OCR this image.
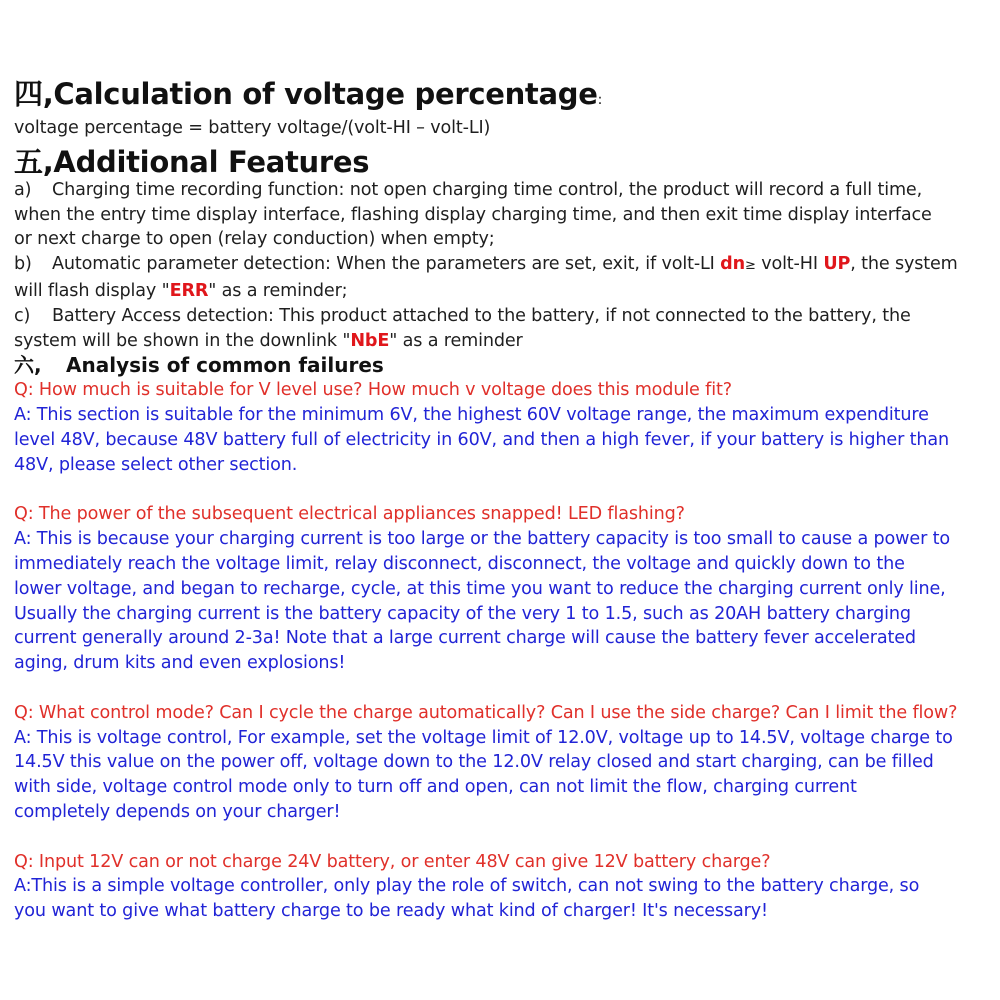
四,Calculation of voltage percentage:
voltage percentage = battery voltage/(volt-HI – volt-LI)
五,Additional Features
a) Charging time recording function: not open charging time control, the product will record a full time,
when the entry time display interface, flashing display charging time, and then exit time display interface
or next charge to open (relay conduction) when empty;
b) Automatic parameter detection: When the parameters are set, exit, if volt-LI dn≥ volt-HI UP, the system
will flash display "ERR" as a reminder;
c) Battery Access detection: This product attached to the battery, if not connected to the battery, the
system will be shown in the downlink "NbE" as a reminder
六, Analysis of common failures
Q: How much is suitable for V level use? How much v voltage does this module fit?
A: This section is suitable for the minimum 6V, the highest 60V voltage range, the maximum expenditure
level 48V, because 48V battery full of electricity in 60V, and then a high fever, if your battery is higher than
48V, please select other section.
Q: The power of the subsequent electrical appliances snapped! LED flashing?
A: This is because your charging current is too large or the battery capacity is too small to cause a power to
immediately reach the voltage limit, relay disconnect, disconnect, the voltage and quickly down to the
lower voltage, and began to recharge, cycle, at this time you want to reduce the charging current only line,
Usually the charging current is the battery capacity of the very 1 to 1.5, such as 20AH battery charging
current generally around 2-3a! Note that a large current charge will cause the battery fever accelerated
aging, drum kits and even explosions!
Q: What control mode? Can I cycle the charge automatically? Can I use the side charge? Can I limit the flow?
A: This is voltage control, For example, set the voltage limit of 12.0V, voltage up to 14.5V, voltage charge to
14.5V this value on the power off, voltage down to the 12.0V relay closed and start charging, can be filled
with side, voltage control mode only to turn off and open, can not limit the flow, charging current
completely depends on your charger!
Q: Input 12V can or not charge 24V battery, or enter 48V can give 12V battery charge?
A:This is a simple voltage controller, only play the role of switch, can not swing to the battery charge, so
you want to give what battery charge to be ready what kind of charger! It's necessary!
